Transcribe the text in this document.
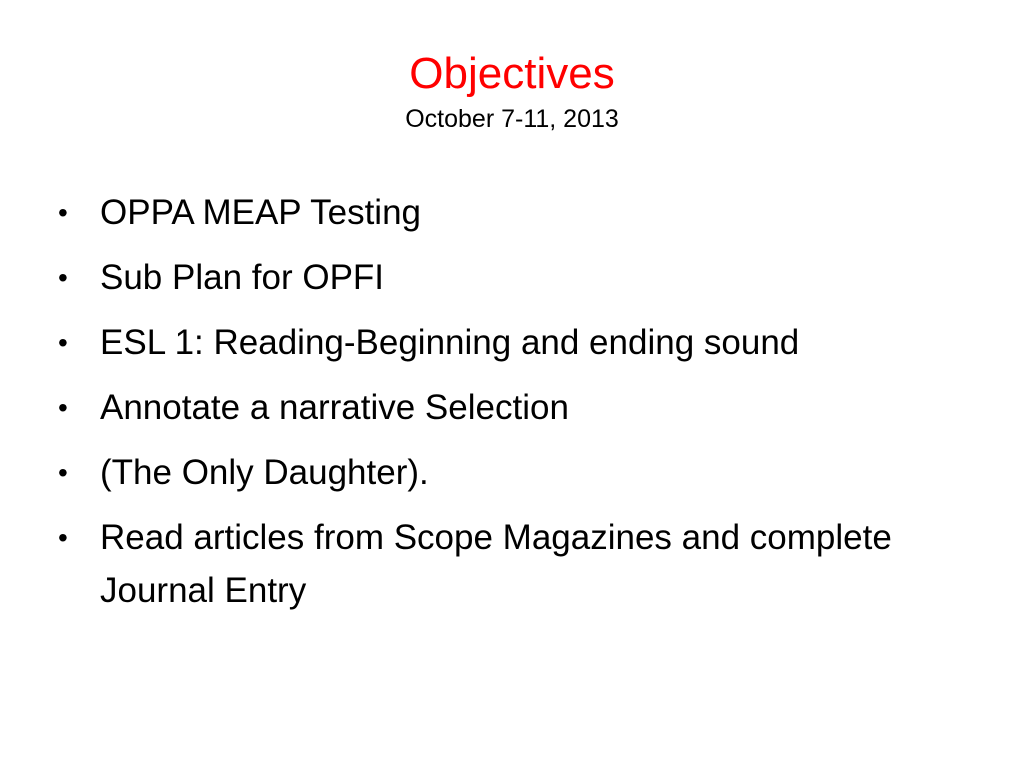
Objectives
October 7-11, 2013
• OPPA MEAP Testing
• Sub Plan for OPFI
• ESL 1: Reading-Beginning and ending sound
• Annotate a narrative Selection
• (The Only Daughter).
• Read articles from Scope Magazines and complete Journal Entry
